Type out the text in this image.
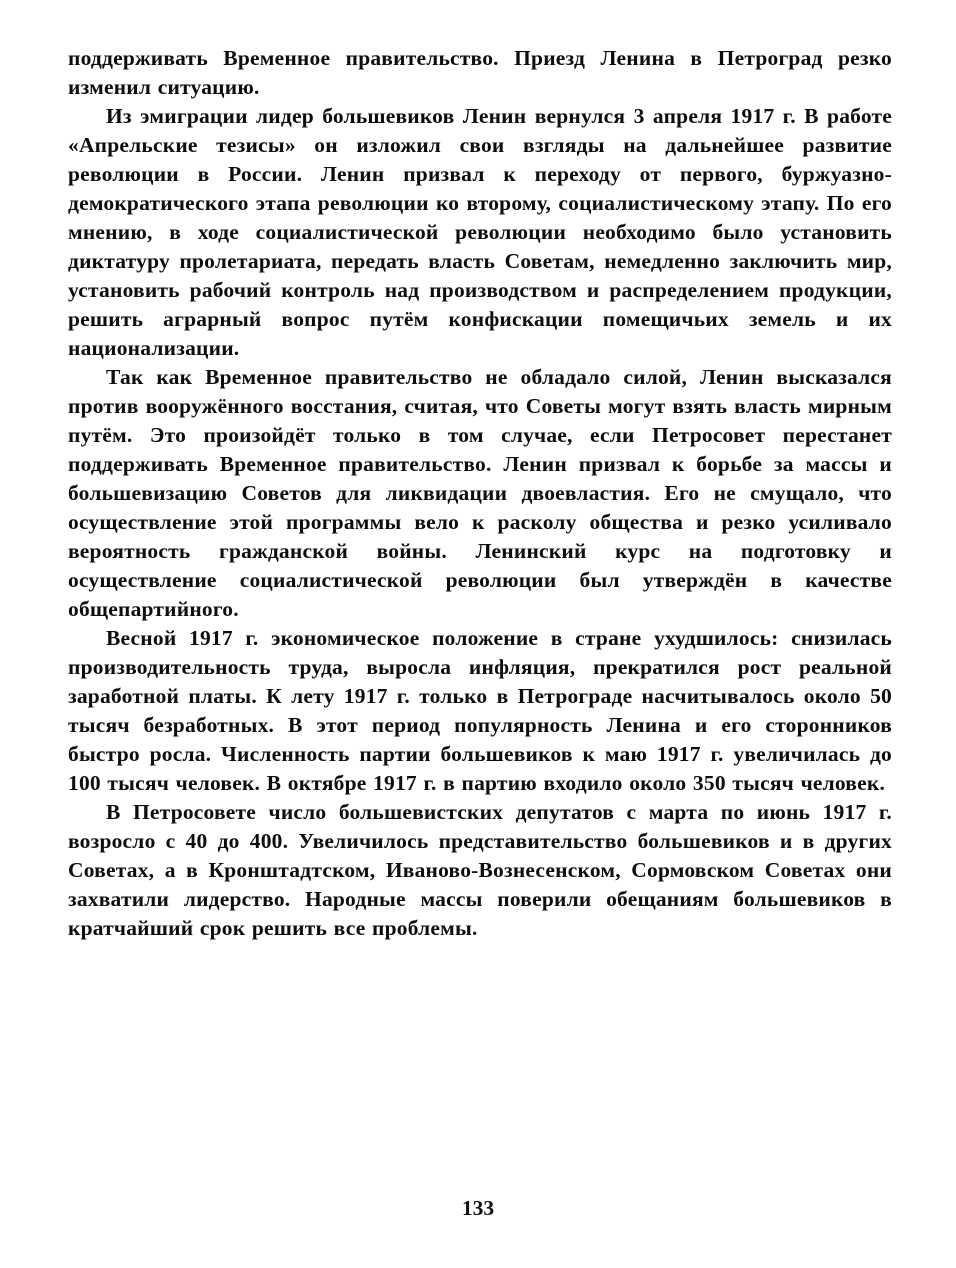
поддерживать Временное правительство. Приезд Ленина в Петроград резко изменил ситуацию.

Из эмиграции лидер большевиков Ленин вернулся 3 апреля 1917 г. В работе «Апрельские тезисы» он изложил свои взгляды на дальнейшее развитие революции в России. Ленин призвал к переходу от первого, буржуазно-демократического этапа революции ко второму, социалистическому этапу. По его мнению, в ходе социалистической революции необходимо было установить диктатуру пролетариата, передать власть Советам, немедленно заключить мир, установить рабочий контроль над производством и распределением продукции, решить аграрный вопрос путём конфискации помещичьих земель и их национализации.

Так как Временное правительство не обладало силой, Ленин высказался против вооружённого восстания, считая, что Советы могут взять власть мирным путём. Это произойдёт только в том случае, если Петросовет перестанет поддерживать Временное правительство. Ленин призвал к борьбе за массы и большевизацию Советов для ликвидации двоевластия. Его не смущало, что осуществление этой программы вело к расколу общества и резко усиливало вероятность гражданской войны. Ленинский курс на подготовку и осуществление социалистической революции был утверждён в качестве общепартийного.

Весной 1917 г. экономическое положение в стране ухудшилось: снизилась производительность труда, выросла инфляция, прекратился рост реальной заработной платы. К лету 1917 г. только в Петрограде насчитывалось около 50 тысяч безработных. В этот период популярность Ленина и его сторонников быстро росла. Численность партии большевиков к маю 1917 г. увеличилась до 100 тысяч человек. В октябре 1917 г. в партию входило около 350 тысяч человек.

В Петросовете число большевистских депутатов с марта по июнь 1917 г. возросло с 40 до 400. Увеличилось представительство большевиков и в других Советах, а в Кронштадтском, Иваново-Вознесенском, Сормовском Советах они захватили лидерство. Народные массы поверили обещаниям большевиков в кратчайший срок решить все проблемы.

133
